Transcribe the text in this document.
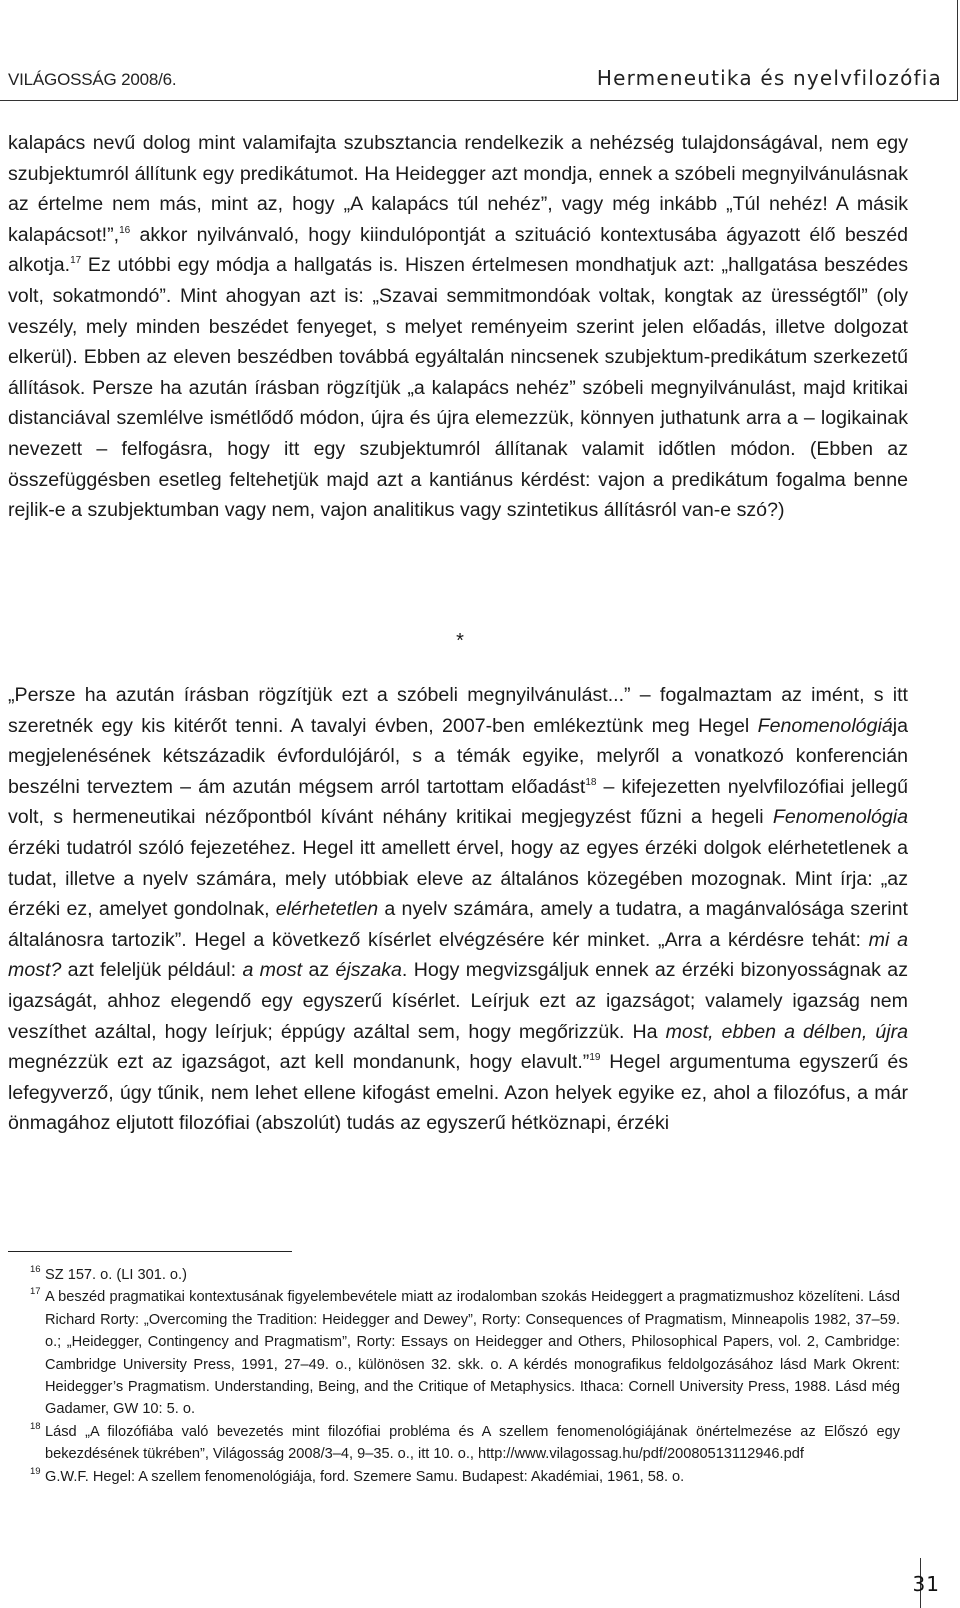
VILÁGOSSÁG 2008/6.	Hermeneutika és nyelvfilozófia

kalapács nevű dolog mint valamifajta szubsztancia rendelkezik a nehézség tulajdonságával, nem egy szubjektumról állítunk egy predikátumot. Ha Heidegger azt mondja, ennek a szóbeli megnyilvánulásnak az értelme nem más, mint az, hogy „A kalapács túl nehéz”, vagy még inkább „Túl nehéz! A másik kalapácsot!”,$^{16}$ akkor nyilvánvaló, hogy kiindulópontját a szituáció kontextusába ágyazott élő beszéd alkotja.$^{17}$ Ez utóbbi egy módja a hallgatás is. Hiszen értelmesen mondhatjuk azt: „hallgatása beszédes volt, sokatmondó”. Mint ahogyan azt is: „Szavai semmitmondóak voltak, kongtak az ürességtől” (oly veszély, mely minden beszédet fenyeget, s melyet reményeim szerint jelen előadás, illetve dolgozat elkerül). Ebben az eleven beszédben továbbá egyáltalán nincsenek szubjektum-predikátum szerkezetű állítások. Persze ha azután írásban rögzítjük „a kalapács nehéz” szóbeli megnyilvánulást, majd kritikai distanciával szemlélve ismétlődő módon, újra és újra elemezzük, könnyen juthatunk arra a – logikainak nevezett – felfogásra, hogy itt egy szubjektumról állítanak valamit időtlen módon. (Ebben az összefüggésben esetleg feltehetjük majd azt a kantiánus kérdést: vajon a predikátum fogalma benne rejlik-e a szubjektumban vagy nem, vajon analitikus vagy szintetikus állításról van-e szó?)

*

„Persze ha azután írásban rögzítjük ezt a szóbeli megnyilvánulást...” – fogalmaztam az imént, s itt szeretnék egy kis kitérőt tenni. A tavalyi évben, 2007-ben emlékeztünk meg Hegel Fenomenológiája megjelenésének kétszázadik évfordulójáról, s a témák egyike, melyről a vonatkozó konferencián beszélni terveztem – ám azután mégsem arról tartottam előadást$^{18}$ – kifejezetten nyelvfilozófiai jellegű volt, s hermeneutikai nézőpontból kívánt néhány kritikai megjegyzést fűzni a hegeli Fenomenológia érzéki tudatról szóló fejezetéhez. Hegel itt amellett érvel, hogy az egyes érzéki dolgok elérhetetlenek a tudat, illetve a nyelv számára, mely utóbbiak eleve az általános közegében mozognak. Mint írja: „az érzéki ez, amelyet gondolnak, elérhetetlen a nyelv számára, amely a tudatra, a magánvalósága szerint általánosra tartozik”. Hegel a következő kísérlet elvégzésére kér minket. „Arra a kérdésre tehát: mi a most? azt feleljük például: a most az éjszaka. Hogy megvizsgáljuk ennek az érzéki bizonyosságnak az igazságát, ahhoz elegendő egy egyszerű kísérlet. Leírjuk ezt az igazságot; valamely igazság nem veszíthet azáltal, hogy leírjuk; éppúgy azáltal sem, hogy megőrizzük. Ha most, ebben a délben, újra megnézzük ezt az igazságot, azt kell mondanunk, hogy elavult.”$^{19}$ Hegel argumentuma egyszerű és lefegyverző, úgy tűnik, nem lehet ellene kifogást emelni. Azon helyek egyike ez, ahol a filozófus, a már önmagához eljutott filozófiai (abszolút) tudás az egyszerű hétköznapi, érzéki

16 SZ 157. o. (LI 301. o.)

17 A beszéd pragmatikai kontextusának figyelembevétele miatt az irodalomban szokás Heideggert a pragmatizmushoz közelíteni. Lásd Richard Rorty: „Overcoming the Tradition: Heidegger and Dewey”, Rorty: Consequences of Pragmatism, Minneapolis 1982, 37–59. o.; „Heidegger, Contingency and Pragmatism”, Rorty: Essays on Heidegger and Others, Philosophical Papers, vol. 2, Cambridge: Cambridge University Press, 1991, 27–49. o., különösen 32. skk. o. A kérdés monografikus feldolgozásához lásd Mark Okrent: Heidegger’s Pragmatism. Understanding, Being, and the Critique of Metaphysics. Ithaca: Cornell University Press, 1988. Lásd még Gadamer, GW 10: 5. o.

18 Lásd „A filozófiába való bevezetés mint filozófiai probléma és A szellem fenomenológiájának önértelmezése az Előszó egy bekezdésének tükrében”, Világosság 2008/3–4, 9–35. o., itt 10. o., http://www.vilagossag.hu/pdf/20080513112946.pdf

19 G.W.F. Hegel: A szellem fenomenológiája, ford. Szemere Samu. Budapest: Akadémiai, 1961, 58. o.

31
